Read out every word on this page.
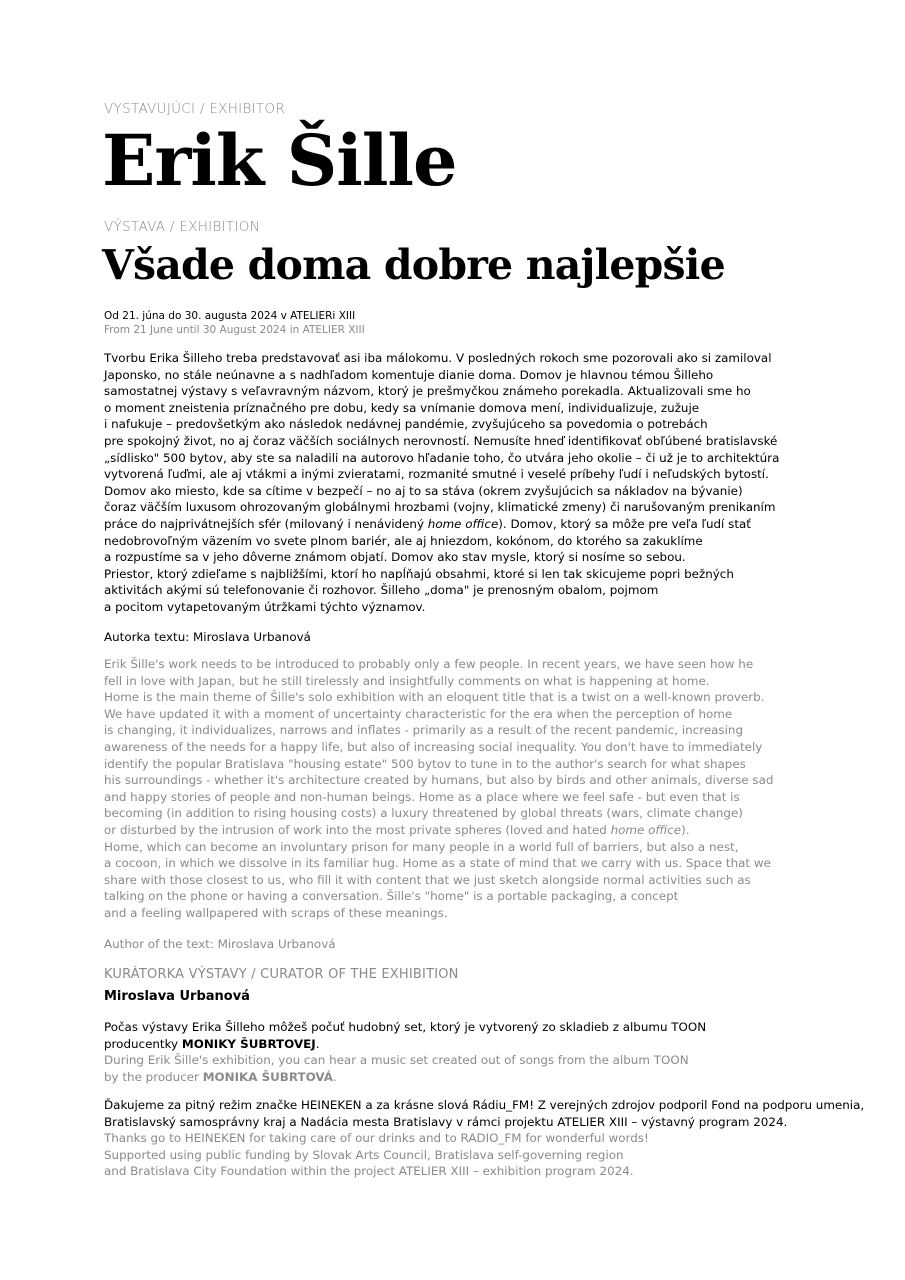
VYSTAVUJÚCI / EXHIBITOR
Erik Šille
VÝSTAVA / EXHIBITION
Všade doma dobre najlepšie
Od 21. júna do 30. augusta 2024 v ATELIERi XIII
From 21 June until 30 August 2024 in ATELIER XIII
Tvorbu Erika Šilleho treba predstavovať asi iba málokomu. V posledných rokoch sme pozorovali ako si zamiloval
Japonsko, no stále neúnavne a s nadhľadom komentuje dianie doma. Domov je hlavnou témou Šilleho
samostatnej výstavy s veľavravným názvom, ktorý je prešmyčkou známeho porekadla. Aktualizovali sme ho
o moment zneistenia príznačného pre dobu, kedy sa vnímanie domova mení, individualizuje, zužuje
i nafukuje – predovšetkým ako následok nedávnej pandémie, zvyšujúceho sa povedomia o potrebách
pre spokojný život, no aj čoraz väčších sociálnych nerovností. Nemusíte hneď identifikovať obľúbené bratislavské
„sídlisko" 500 bytov, aby ste sa naladili na autorovo hľadanie toho, čo utvára jeho okolie – či už je to architektúra
vytvorená ľuďmi, ale aj vtákmi a inými zvieratami, rozmanité smutné i veselé príbehy ľudí i neľudských bytostí.
Domov ako miesto, kde sa cítime v bezpečí – no aj to sa stáva (okrem zvyšujúcich sa nákladov na bývanie)
čoraz väčším luxusom ohrozovaným globálnymi hrozbami (vojny, klimatické zmeny) či narušovaným prenikaním
práce do najprivátnejších sfér (milovaný i nenávidený home office). Domov, ktorý sa môže pre veľa ľudí stať
nedobrovoľným väzením vo svete plnom bariér, ale aj hniezdom, kokónom, do ktorého sa zakuklíme
a rozpustíme sa v jeho dôverne známom objatí. Domov ako stav mysle, ktorý si nosíme so sebou.
Priestor, ktorý zdieľame s najbližšími, ktorí ho napĺňajú obsahmi, ktoré si len tak skicujeme popri bežných
aktivitách akými sú telefonovanie či rozhovor. Šilleho „doma" je prenosným obalom, pojmom
a pocitom vytapetovaným útržkami týchto významov.
Autorka textu: Miroslava Urbanová
Erik Šille's work needs to be introduced to probably only a few people. In recent years, we have seen how he
fell in love with Japan, but he still tirelessly and insightfully comments on what is happening at home.
Home is the main theme of Šille's solo exhibition with an eloquent title that is a twist on a well-known proverb.
We have updated it with a moment of uncertainty characteristic for the era when the perception of home
is changing, it individualizes, narrows and inflates - primarily as a result of the recent pandemic, increasing
awareness of the needs for a happy life, but also of increasing social inequality. You don't have to immediately
identify the popular Bratislava "housing estate" 500 bytov to tune in to the author's search for what shapes
his surroundings - whether it's architecture created by humans, but also by birds and other animals, diverse sad
and happy stories of people and non-human beings. Home as a place where we feel safe - but even that is
becoming (in addition to rising housing costs) a luxury threatened by global threats (wars, climate change)
or disturbed by the intrusion of work into the most private spheres (loved and hated home office).
Home, which can become an involuntary prison for many people in a world full of barriers, but also a nest,
a cocoon, in which we dissolve in its familiar hug. Home as a state of mind that we carry with us. Space that we
share with those closest to us, who fill it with content that we just sketch alongside normal activities such as
talking on the phone or having a conversation. Šille's "home" is a portable packaging, a concept
and a feeling wallpapered with scraps of these meanings.
Author of the text: Miroslava Urbanová
KURÁTORKA VÝSTAVY / CURATOR OF THE EXHIBITION
Miroslava Urbanová
Počas výstavy Erika Šilleho môžeš počuť hudobný set, ktorý je vytvorený zo skladieb z albumu TOON
producentky MONIKY ŠUBRTOVEJ.
During Erik Šille's exhibition, you can hear a music set created out of songs from the album TOON
by the producer MONIKA ŠUBRTOVÁ.
Ďakujeme za pitný režim značke HEINEKEN a za krásne slová Rádiu_FM! Z verejných zdrojov podporil Fond na podporu umenia,
Bratislavský samosprávny kraj a Nadácia mesta Bratislavy v rámci projektu ATELIER XIII – výstavný program 2024.
Thanks go to HEINEKEN for taking care of our drinks and to RADIO_FM for wonderful words!
Supported using public funding by Slovak Arts Council, Bratislava self-governing region
and Bratislava City Foundation within the project ATELIER XIII – exhibition program 2024.
